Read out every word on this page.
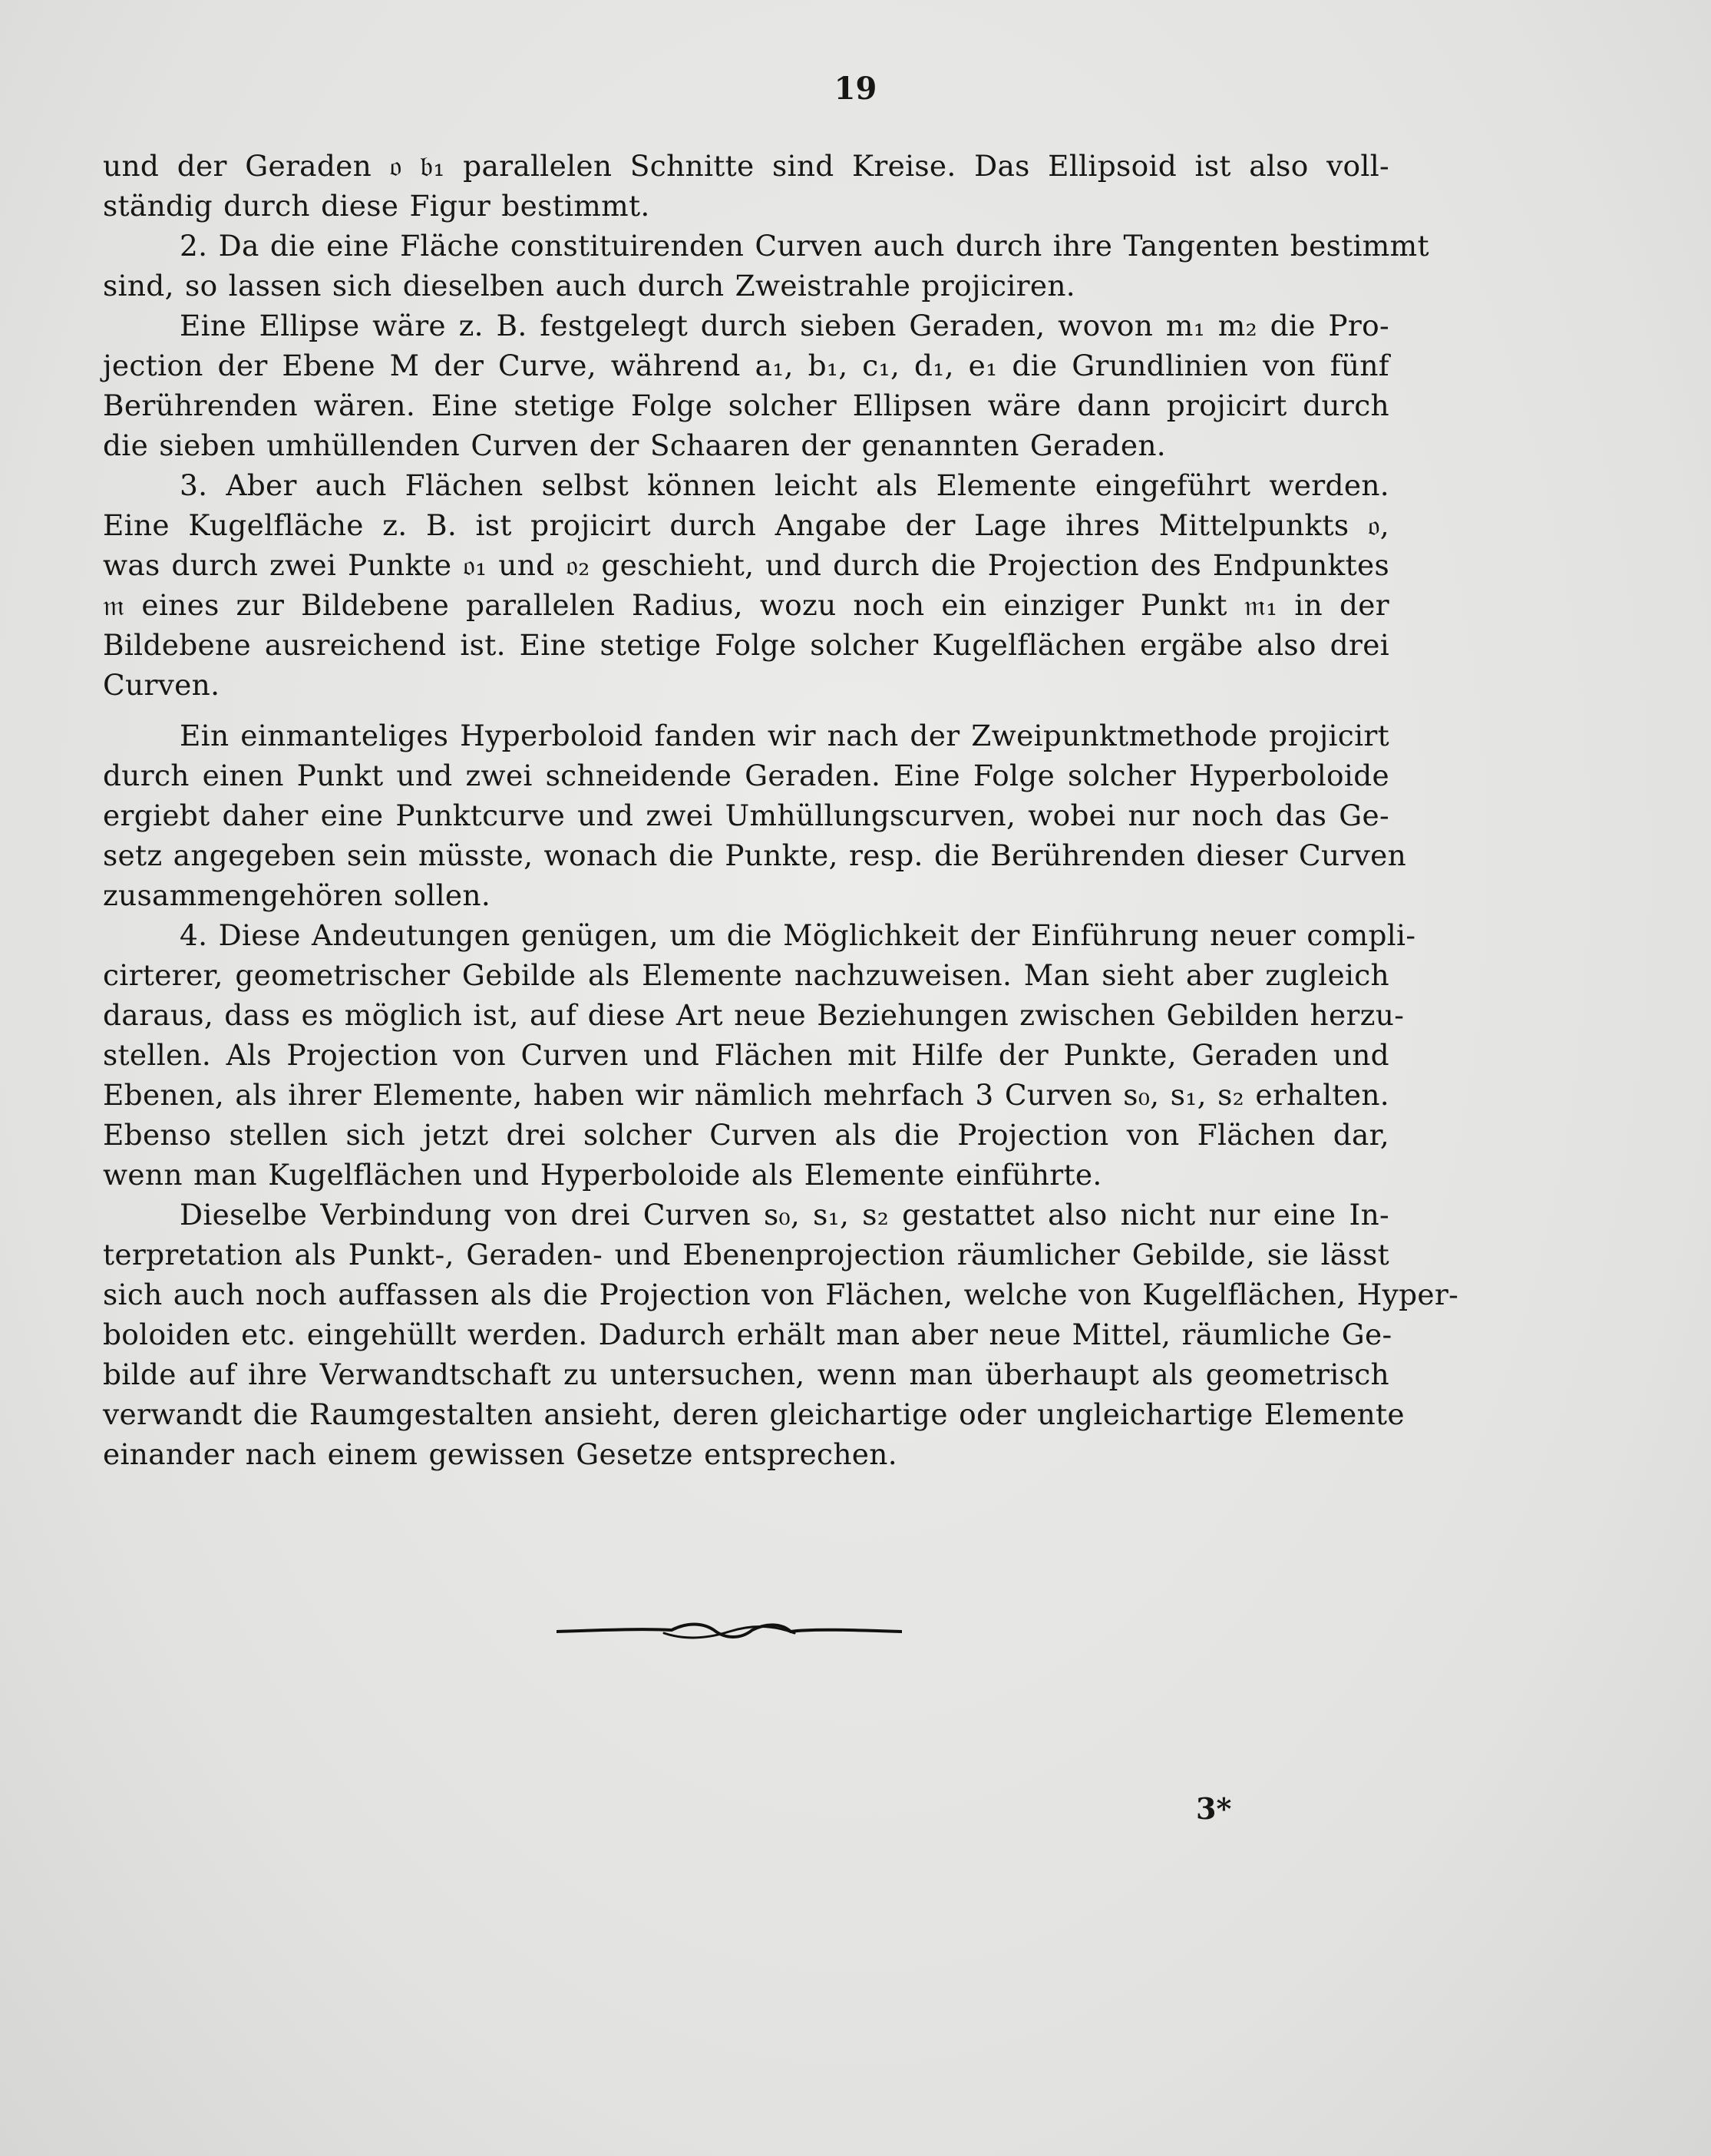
19
und der Geraden 𝔬 𝔟₁ parallelen Schnitte sind Kreise. Das Ellipsoid ist also voll-
ständig durch diese Figur bestimmt.
2. Da die eine Fläche constituirenden Curven auch durch ihre Tangenten bestimmt
sind, so lassen sich dieselben auch durch Zweistrahle projiciren.
Eine Ellipse wäre z. B. festgelegt durch sieben Geraden, wovon m₁ m₂ die Pro-
jection der Ebene M der Curve, während a₁, b₁, c₁, d₁, e₁ die Grundlinien von fünf
Berührenden wären. Eine stetige Folge solcher Ellipsen wäre dann projicirt durch
die sieben umhüllenden Curven der Schaaren der genannten Geraden.
3. Aber auch Flächen selbst können leicht als Elemente eingeführt werden.
Eine Kugelfläche z. B. ist projicirt durch Angabe der Lage ihres Mittelpunkts 𝔬,
was durch zwei Punkte 𝔬₁ und 𝔬₂ geschieht, und durch die Projection des Endpunktes
𝔪 eines zur Bildebene parallelen Radius, wozu noch ein einziger Punkt 𝔪₁ in der
Bildebene ausreichend ist. Eine stetige Folge solcher Kugelflächen ergäbe also drei
Curven.
Ein einmanteliges Hyperboloid fanden wir nach der Zweipunktmethode projicirt
durch einen Punkt und zwei schneidende Geraden. Eine Folge solcher Hyperboloide
ergiebt daher eine Punktcurve und zwei Umhüllungscurven, wobei nur noch das Ge-
setz angegeben sein müsste, wonach die Punkte, resp. die Berührenden dieser Curven
zusammengehören sollen.
4. Diese Andeutungen genügen, um die Möglichkeit der Einführung neuer compli-
cirterer, geometrischer Gebilde als Elemente nachzuweisen. Man sieht aber zugleich
daraus, dass es möglich ist, auf diese Art neue Beziehungen zwischen Gebilden herzu-
stellen. Als Projection von Curven und Flächen mit Hilfe der Punkte, Geraden und
Ebenen, als ihrer Elemente, haben wir nämlich mehrfach 3 Curven s₀, s₁, s₂ erhalten.
Ebenso stellen sich jetzt drei solcher Curven als die Projection von Flächen dar,
wenn man Kugelflächen und Hyperboloide als Elemente einführte.
Dieselbe Verbindung von drei Curven s₀, s₁, s₂ gestattet also nicht nur eine In-
terpretation als Punkt-, Geraden- und Ebenenprojection räumlicher Gebilde, sie lässt
sich auch noch auffassen als die Projection von Flächen, welche von Kugelflächen, Hyper-
boloiden etc. eingehüllt werden. Dadurch erhält man aber neue Mittel, räumliche Ge-
bilde auf ihre Verwandtschaft zu untersuchen, wenn man überhaupt als geometrisch
verwandt die Raumgestalten ansieht, deren gleichartige oder ungleichartige Elemente
einander nach einem gewissen Gesetze entsprechen.
3*
